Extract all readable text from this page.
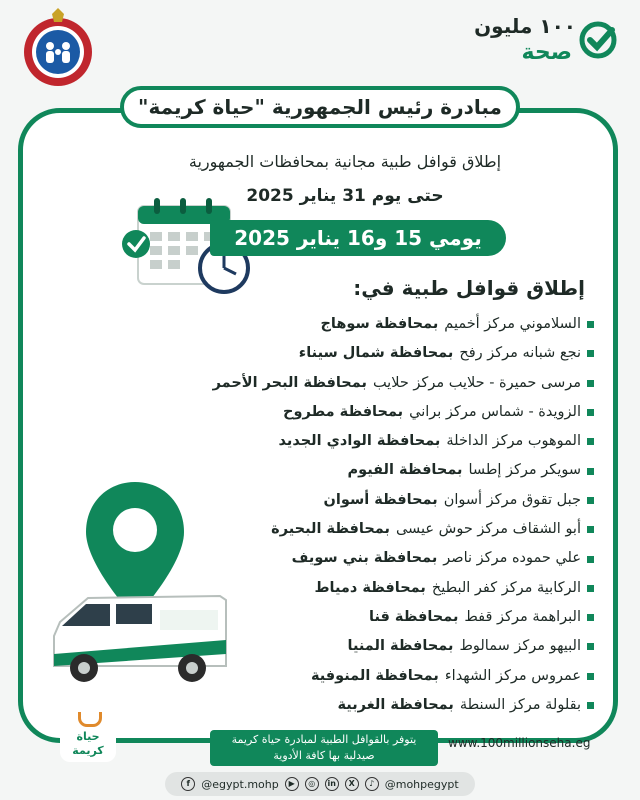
١٠٠ مليون
صحة
مبادرة رئيس الجمهورية "حياة كريمة"
إطلاق قوافل طبية مجانية بمحافظات الجمهورية
حتى يوم 31 يناير 2025
يومي 15 و16 يناير 2025
إطلاق قوافل طبية في:
السلاموني مركز أخميم
بمحافظة سوهاج
نجع شبانه مركز رفح
بمحافظة شمال سيناء
مرسى حميرة - حلايب مركز حلايب
بمحافظة البحر الأحمر
الزويدة - شماس مركز براني
بمحافظة مطروح
الموهوب مركز الداخلة
بمحافظة الوادي الجديد
سويكر مركز إطسا
بمحافظة الفيوم
جبل تقوق مركز أسوان
بمحافظة أسوان
أبو الشقاف مركز حوش عيسى
بمحافظة البحيرة
علي حموده مركز ناصر
بمحافظة بني سويف
الركابية مركز كفر البطيخ
بمحافظة دمياط
البراهمة مركز قفط
بمحافظة قنا
البيهو مركز سمالوط
بمحافظة المنيا
عمروس مركز الشهداء
بمحافظة المنوفية
بقلولة مركز السنطة
بمحافظة الغربية
حياة
كريمة
يتوفر بالقوافل الطبية لمبادرة حياة كريمة
صيدلية بها كافة الأدوية
www.100millionseha.eg
f	@egypt.mohp	▶	◎	in	X	♪ @mohpegypt
